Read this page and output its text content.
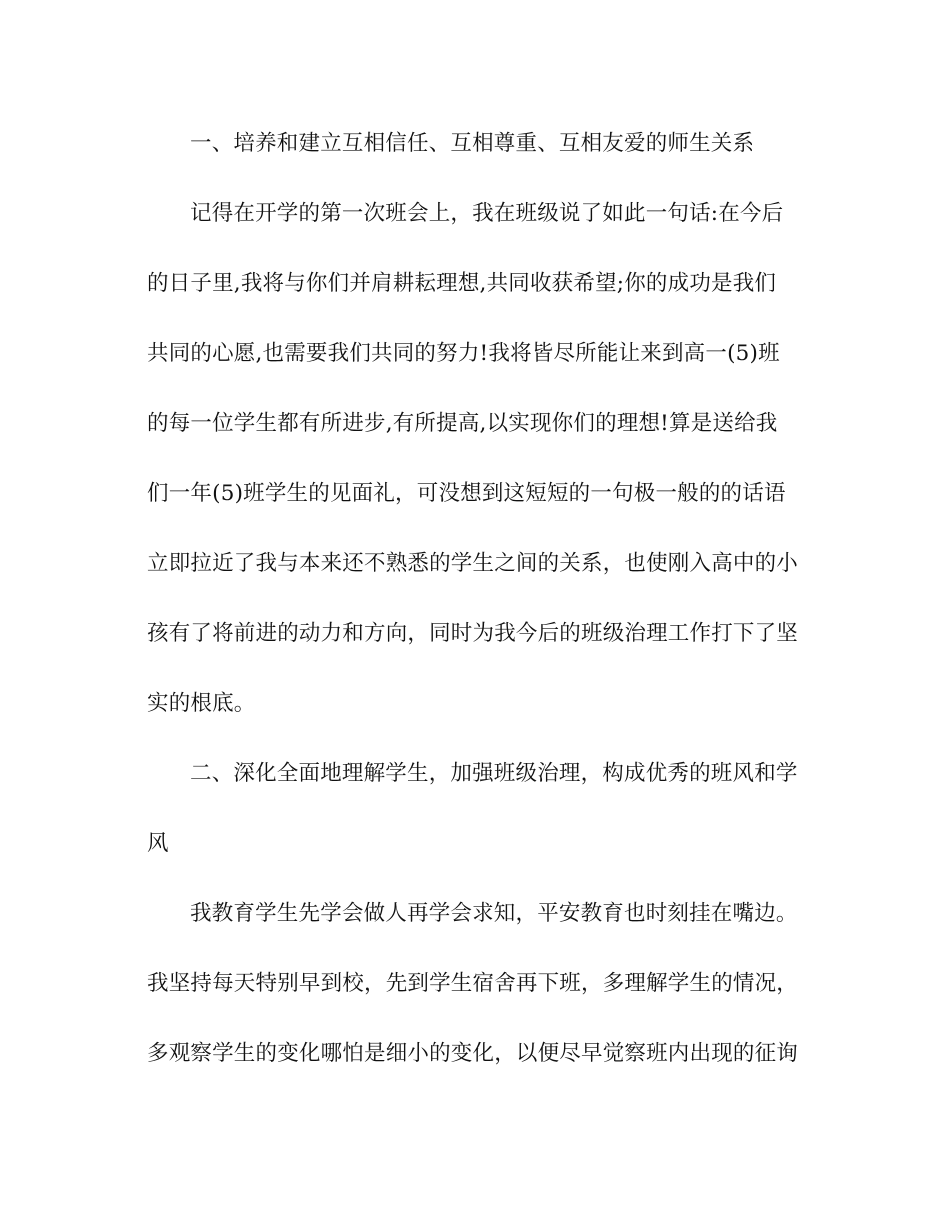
一、培养和建立互相信任、互相尊重、互相友爱的师生关系
记得在开学的第一次班会上，我在班级说了如此一句话:在今后
的日子里,我将与你们并肩耕耘理想,共同收获希望;你的成功是我们
共同的心愿,也需要我们共同的努力!我将皆尽所能让来到高一(5)班
的每一位学生都有所进步,有所提高,以实现你们的理想!算是送给我
们一年(5)班学生的见面礼，可没想到这短短的一句极一般的的话语
立即拉近了我与本来还不熟悉的学生之间的关系，也使刚入高中的小
孩有了将前进的动力和方向，同时为我今后的班级治理工作打下了坚
实的根底。
二、深化全面地理解学生，加强班级治理，构成优秀的班风和学
风
我教育学生先学会做人再学会求知，平安教育也时刻挂在嘴边。
我坚持每天特别早到校，先到学生宿舍再下班，多理解学生的情况，
多观察学生的变化哪怕是细小的变化，以便尽早觉察班内出现的征询
